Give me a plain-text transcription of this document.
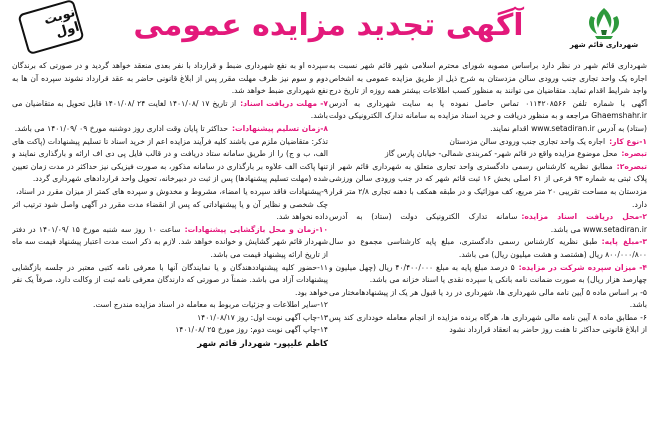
شهرداری قائم شهر
آگهی تجدید مزایده عمومی
نوبت اول

شهرداری قائم شهر در نظر دارد براساس مصوبه شورای محترم اسلامی شهر قائم شهر نسبت به اجاره یک واحد تجاری جنب ورودی سالن مزدستان به شرح ذیل از طریق مزایده عمومی به اشخاص واجد شرایط اقدام نماید. متقاضیان می توانند به منظور کسب اطلاعات بیشتر همه روزه از تاریخ درج آگهی با شماره تلفن ۰۱۱۴۲۰۸۵۶۶ تماس حاصل نموده یا به سایت شهرداری به آدرس Ghaemshahr.ir مراجعه و به منظور دریافت و خرید اسناد مزایده به سامانه تدارک الکترونیکی دولت (ستاد) به آدرس www.setadiran.ir اقدام نمایند.

۱-نوع کار:اجاره یک واحد تجاری جنب ورودی سالن مزدستان

تبصره:محل موضوع مزایده واقع در قائم شهر- کمربندی شمالی- خیابان پارس گاز

تبصره۲:مطابق نظریه کارشناس رسمی دادگستری واحد تجاری متعلق به شهرداری قائم شهر از پلاک ثبتی به شماره ۹۳ فرعی از ۶۱ اصلی بخش ۱۶ ثبت قائم شهر که در جنب ورودی سالن ورزشی مزدستان به مساحت تقریبی ۲۰ متر مربع، کف موزائیک و در طبقه همکف با دهنه تجاری ۲/۸ متر قرار دارد.

۲-محل دریافت اسناد مزایده:سامانه تدارک الکترونیکی دولت (ستاد) به آدرس www.setadiran.ir می باشد.

۳-مبلغ پایه:طبق نظریه کارشناس رسمی دادگستری، مبلغ پایه کارشناسی مجموع دو سال ۸۰۰/۰۰۰/۸۰۰ ریال (هشتصد و هشت میلیون ریال) می باشد.

۴- میزان سپرده شرکت در مزایده:۵ درصد مبلغ پایه به مبلغ ۴۰/۴۰۰/۰۰۰ ریال (چهل میلیون و چهارصد هزار ریال) به صورت ضمانت نامه بانکی یا سپرده نقدی یا اسناد خزانه می باشد.

۵- بر اساس ماده ۵ آیین نامه مالی شهرداری ها، شهرداری در رد یا قبول هر یک از پیشنهادهامختار می باشد.

۶- مطابق ماده ۸ آیین نامه مالی شهرداری ها، هرگاه برنده مزایده از انجام معامله خودداری کند پس از ابلاغ قانونی حداکثر تا هفت روز حاضر به انعقاد قرارداد نشود

سپرده او به نفع شهرداری ضبط و قرارداد با نفر بعدی منعقد خواهد گردید و در صورتی که برندگان دوم و سوم نیز ظرف مهلت مقرر پس از ابلاغ قانونی حاضر به عقد قرارداد نشوند سپرده آن ها به نفع شهرداری ضبط خواهد شد.

۷- مهلت دریافت اسناد:از تاریخ ۱۷ /۱۴۰۱/۰۸ لغایت ۲۴ /۱۴۰۱/۰۸ قابل تحویل به متقاضیان می باشد.

۸-زمان تسلیم پیشنهادات:حداکثر تا پایان وقت اداری روز دوشنبه مورخ ۰۹ /۱۴۰۱/۰۹ می باشد.

تذکر: متقاضیان ملزم می باشند کلیه فرآیند مزایده اعم از خرید اسناد تا تسلیم پیشنهادات (پاکت های الف، ب و ج) را از طریق سامانه ستاد دریافت و در قالب فایل پی دی اف ارائه و بارگذاری نمایند و تنها پاکت الف علاوه بر بارگذاری در سامانه مذکور، به صورت فیزیکی نیز حداکثر در مدت زمان تعیین شده (مهلت تسلیم پیشنهادها) پس از ثبت در دبیرخانه، تحویل واحد قراردادهای شهرداری گردد.

۹-پیشنهادات فاقد سپرده یا امضاء، مشروط و مخدوش و سپرده های کمتر از میزان مقرر در اسناد،چک شخصی و نظایر آن و یا پیشنهاداتی که پس از انقضاء مدت مقرر در آگهی واصل شود ترتیب اثر داده نخواهد شد.

۱۰-زمان و محل بازگشایی پیشنهادات:ساعت ۱۰ روز سه شنبه مورخ ۱۵ /۱۴۰۱/۰۹ در دفتر شهردار قائم شهر گشایش و خوانده خواهد شد. لازم به ذکر است مدت اعتبار پیشنهاد قیمت سه ماه از تاریخ ارائه پیشنهاد قیمت می باشد.

۱۱-حضور کلیه پیشنهاددهندگان و یا نمایندگان آنها با معرفی نامه کتبی معتبر در جلسه بازگشایی پیشنهادات آزاد می باشد. ضمناً در صورتی که دارندگان معرفی نامه ثبت از وکالت دارد، صرفاً یک نفر خواهد بود.

۱۲-سایر اطلاعات و جزئیات مربوط به معامله در اسناد مزایده مندرج است.

۱۳-چاپ آگهی نوبت اول: روز ۱۴۰۱/۰۸/۱۷

۱۴-چاپ آگهی نوبت دوم: روز مورخ ۲۵ /۱۴۰۱/۰۸

کاظم علیپور- شهردار قائم شهر
